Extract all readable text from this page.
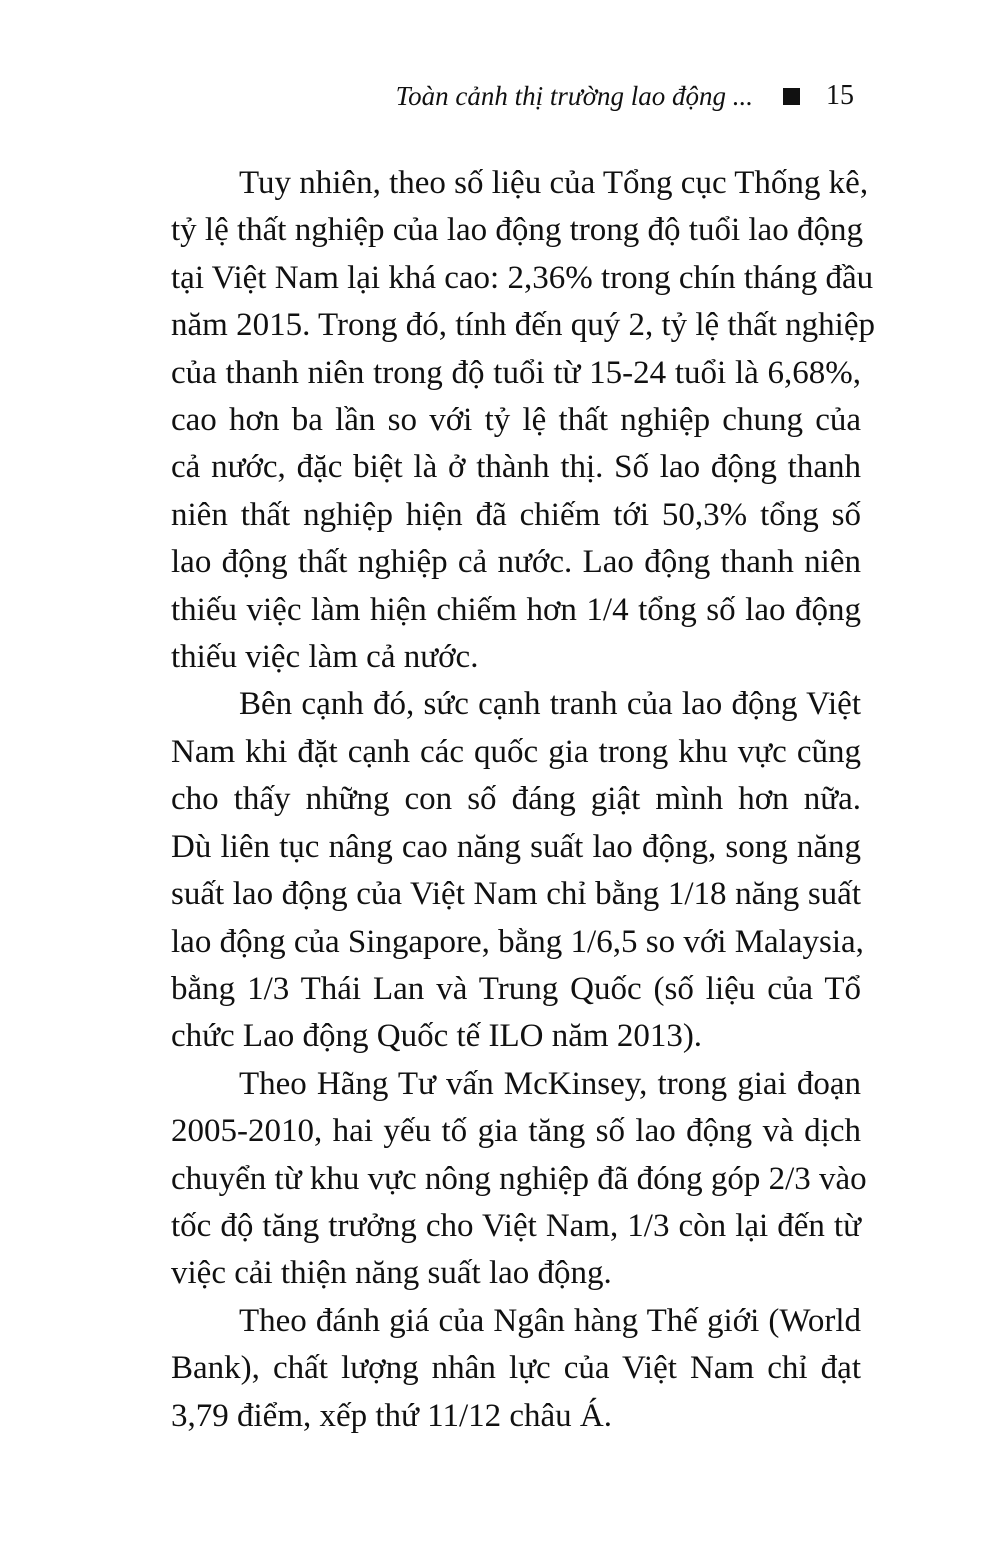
Toàn cảnh thị trường lao động ...	15
Tuy nhiên, theo số liệu của Tổng cục Thống kê,
tỷ lệ thất nghiệp của lao động trong độ tuổi lao động
tại Việt Nam lại khá cao: 2,36% trong chín tháng đầu
năm 2015. Trong đó, tính đến quý 2, tỷ lệ thất nghiệp
của thanh niên trong độ tuổi từ 15-24 tuổi là 6,68%,
cao hơn ba lần so với tỷ lệ thất nghiệp chung của
cả nước, đặc biệt là ở thành thị. Số lao động thanh
niên thất nghiệp hiện đã chiếm tới 50,3% tổng số
lao động thất nghiệp cả nước. Lao động thanh niên
thiếu việc làm hiện chiếm hơn 1/4 tổng số lao động
thiếu việc làm cả nước.
Bên cạnh đó, sức cạnh tranh của lao động Việt
Nam khi đặt cạnh các quốc gia trong khu vực cũng
cho thấy những con số đáng giật mình hơn nữa.
Dù liên tục nâng cao năng suất lao động, song năng
suất lao động của Việt Nam chỉ bằng 1/18 năng suất
lao động của Singapore, bằng 1/6,5 so với Malaysia,
bằng 1/3 Thái Lan và Trung Quốc (số liệu của Tổ
chức Lao động Quốc tế ILO năm 2013).
Theo Hãng Tư vấn McKinsey, trong giai đoạn
2005-2010, hai yếu tố gia tăng số lao động và dịch
chuyển từ khu vực nông nghiệp đã đóng góp 2/3 vào
tốc độ tăng trưởng cho Việt Nam, 1/3 còn lại đến từ
việc cải thiện năng suất lao động.
Theo đánh giá của Ngân hàng Thế giới (World
Bank), chất lượng nhân lực của Việt Nam chỉ đạt
3,79 điểm, xếp thứ 11/12 châu Á.
